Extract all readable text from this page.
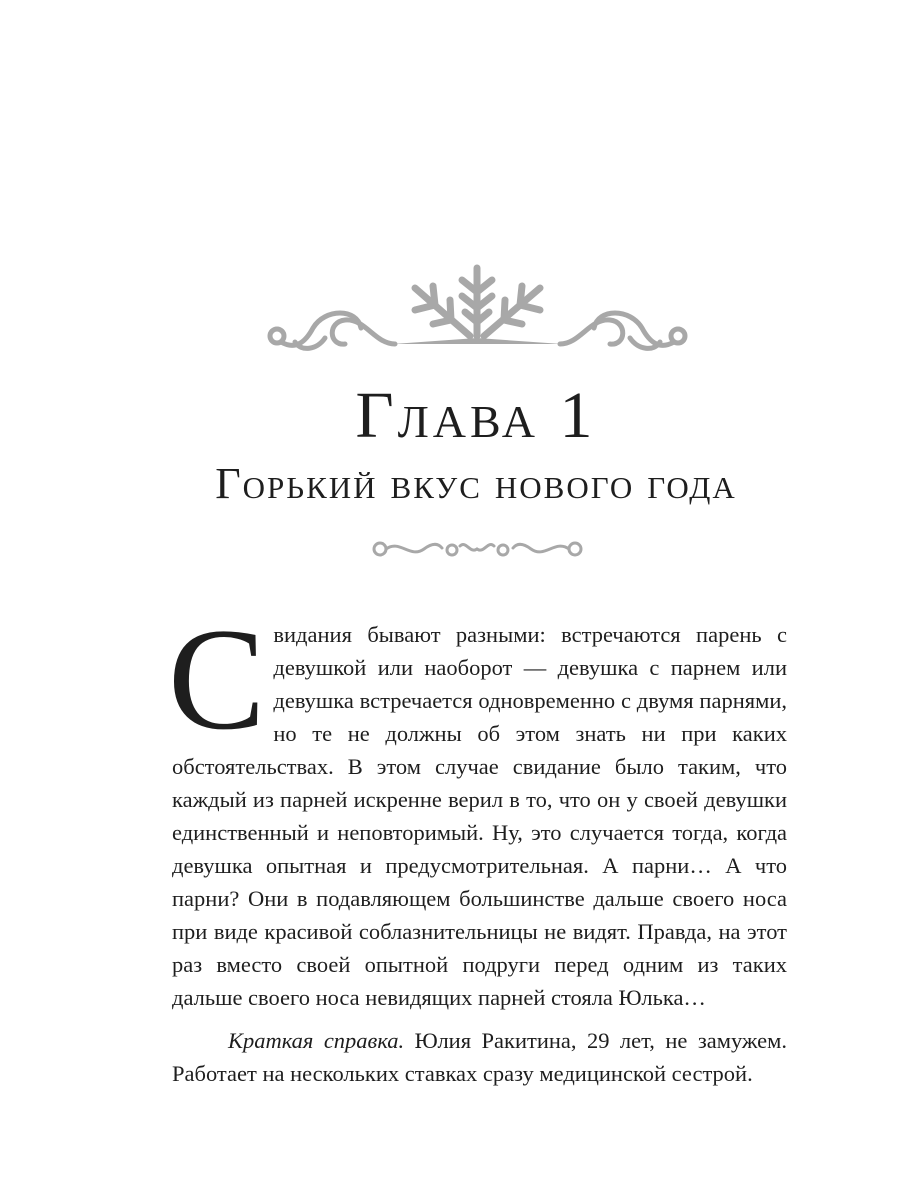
Глава 1
Горький вкус нового года

Свидания бывают разными: встречаются парень с девушкой или наоборот — девушка с парнем или девушка встречается одновременно с двумя парнями, но те не должны об этом знать ни при каких обстоятельствах. В этом случае свидание было таким, что каждый из парней искренне верил в то, что он у своей девушки единственный и неповторимый. Ну, это случается тогда, когда девушка опытная и предусмотрительная. А парни… А что парни? Они в подавляющем большинстве дальше своего носа при виде красивой соблазнительницы не видят. Правда, на этот раз вместо своей опытной подруги перед одним из таких дальше своего носа невидящих парней стояла Юлька…

Краткая справка. Юлия Ракитина, 29 лет, не замужем. Работает на нескольких ставках сразу медицинской сестрой.
